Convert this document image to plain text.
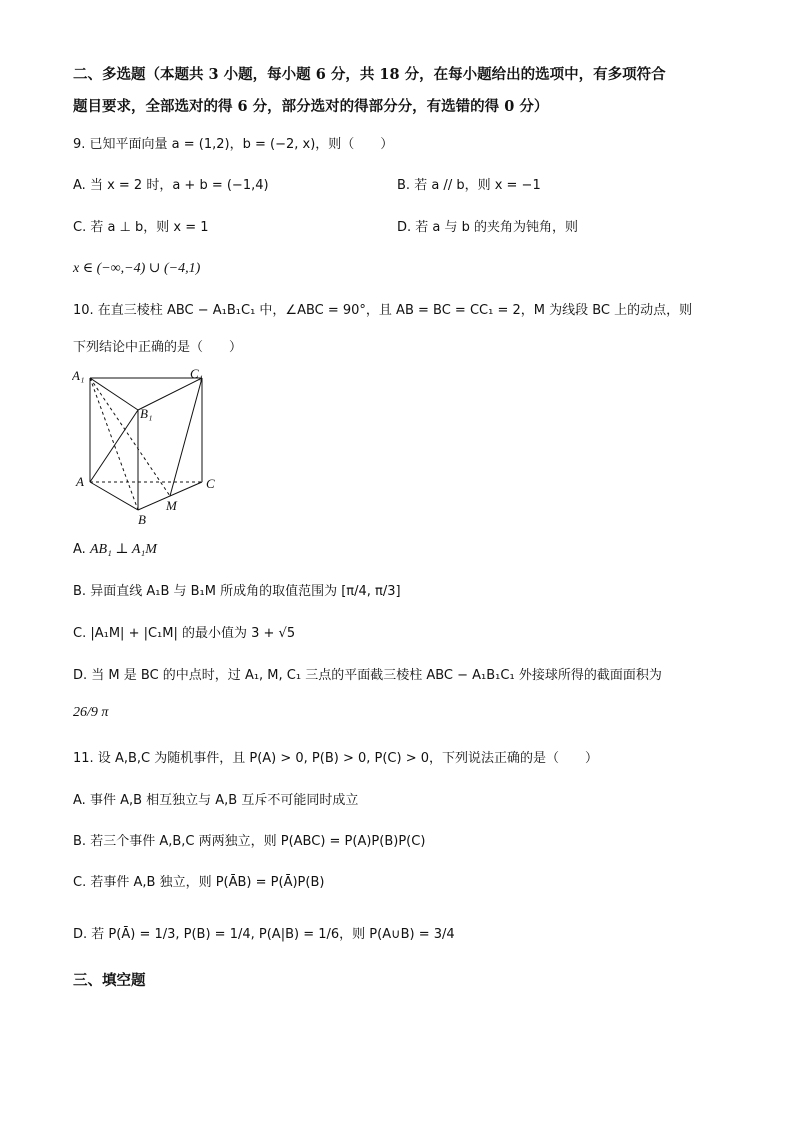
二、多选题（本题共 3 小题，每小题 6 分，共 18 分，在每小题给出的选项中，有多项符合
题目要求，全部选对的得 6 分，部分选对的得部分分，有选错的得 0 分）
9. 已知平面向量 a = (1,2)，b = (−2, x)，则（　　）
A. 当 x = 2 时，a + b = (−1,4)	B. 若 a // b，则 x = −1
C. 若 a ⊥ b，则 x = 1	D. 若 a 与 b 的夹角为钝角，则
x ∈ (−∞,−4) ∪ (−4,1)
10. 在直三棱柱 ABC − A₁B₁C₁ 中，∠ABC = 90°，且 AB = BC = CC₁ = 2，M 为线段 BC 上的动点，则
下列结论中正确的是（　　）
A₁	C₁
B₁
A	C
M
B
A. AB₁ ⊥ A₁M
B. 异面直线 A₁B 与 B₁M 所成角的取值范围为 [π/4, π/3]
C. |A₁M| + |C₁M| 的最小值为 3 + √5
D. 当 M 是 BC 的中点时，过 A₁, M, C₁ 三点的平面截三棱柱 ABC − A₁B₁C₁ 外接球所得的截面面积为
26/9 π
11. 设 A,B,C 为随机事件，且 P(A) > 0, P(B) > 0, P(C) > 0，下列说法正确的是（　　）
A. 事件 A,B 相互独立与 A,B 互斥不可能同时成立
B. 若三个事件 A,B,C 两两独立，则 P(ABC) = P(A)P(B)P(C)
C. 若事件 A,B 独立，则 P(ĀB) = P(Ā)P(B)
D. 若 P(Ā) = 1/3, P(B) = 1/4, P(A|B) = 1/6，则 P(A∪B) = 3/4
三、填空题
